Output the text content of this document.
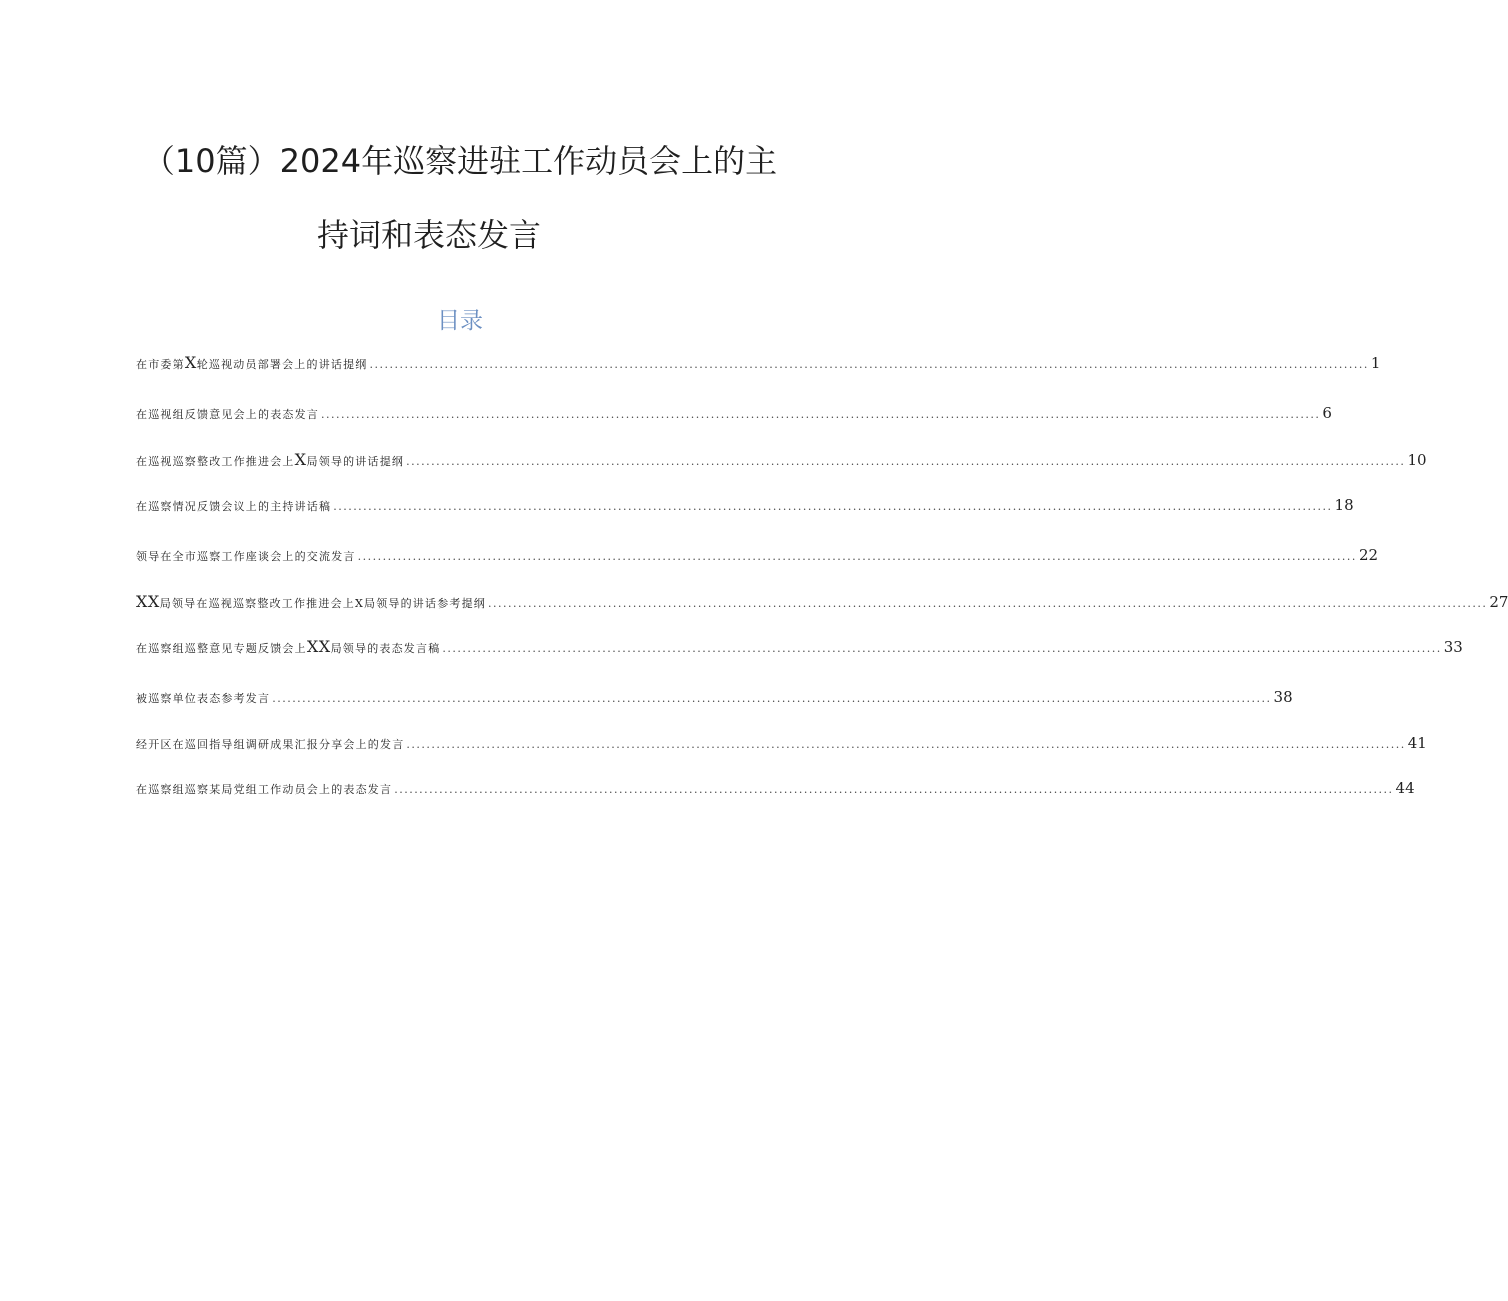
（10篇）2024年巡察进驻工作动员会上的主
持词和表态发言
目录
在市委第X轮巡视动员部署会上的讲话提纲 ........................................................................................................................................................................................................ 1
在巡视组反馈意见会上的表态发言 ........................................................................................................................................................................................................ 6
在巡视巡察整改工作推进会上X局领导的讲话提纲 ........................................................................................................................................................................................................ 10
在巡察情况反馈会议上的主持讲话稿 ........................................................................................................................................................................................................ 18
领导在全市巡察工作座谈会上的交流发言 ........................................................................................................................................................................................................ 22
XX局领导在巡视巡察整改工作推进会上X局领导的讲话参考提纲 ........................................................................................................................................................................................................ 27
在巡察组巡整意见专题反馈会上XX局领导的表态发言稿 ........................................................................................................................................................................................................ 33
被巡察单位表态参考发言 ........................................................................................................................................................................................................ 38
经开区在巡回指导组调研成果汇报分享会上的发言 ........................................................................................................................................................................................................ 41
在巡察组巡察某局党组工作动员会上的表态发言 ........................................................................................................................................................................................................ 44
